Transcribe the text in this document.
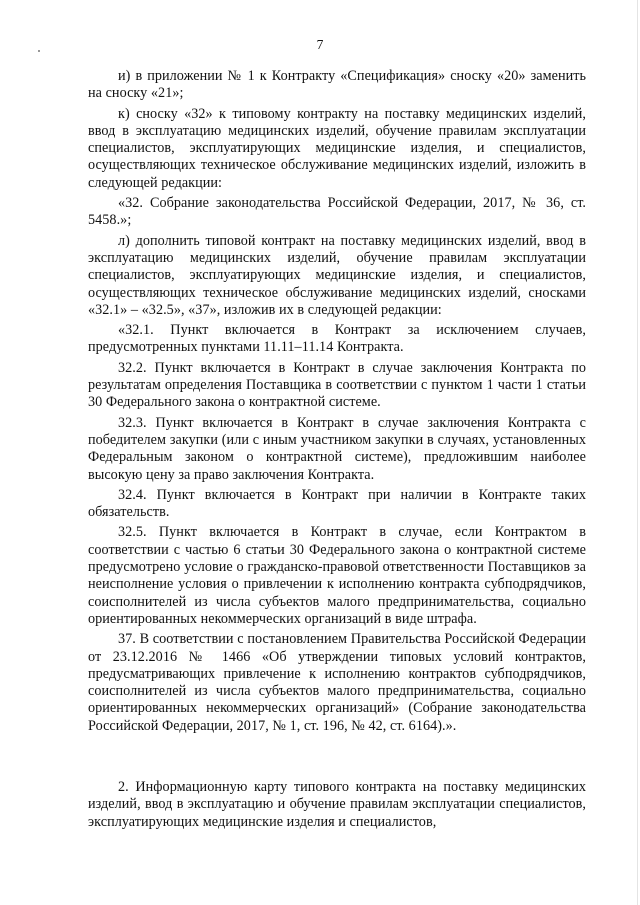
7

и) в приложении № 1 к Контракту «Спецификация» сноску «20» заменить на сноску «21»;

к) сноску «32» к типовому контракту на поставку медицинских изделий, ввод в эксплуатацию медицинских изделий, обучение правилам эксплуатации специалистов, эксплуатирующих медицинские изделия, и специалистов, осуществляющих техническое обслуживание медицинских изделий, изложить в следующей редакции:

«32. Собрание законодательства Российской Федерации, 2017, № 36, ст. 5458.»;

л) дополнить типовой контракт на поставку медицинских изделий, ввод в эксплуатацию медицинских изделий, обучение правилам эксплуатации специалистов, эксплуатирующих медицинские изделия, и специалистов, осуществляющих техническое обслуживание медицинских изделий, сносками «32.1» – «32.5», «37», изложив их в следующей редакции:

«32.1. Пункт включается в Контракт за исключением случаев, предусмотренных пунктами 11.11–11.14 Контракта.

32.2. Пункт включается в Контракт в случае заключения Контракта по результатам определения Поставщика в соответствии с пунктом 1 части 1 статьи 30 Федерального закона о контрактной системе.

32.3. Пункт включается в Контракт в случае заключения Контракта с победителем закупки (или с иным участником закупки в случаях, установленных Федеральным законом о контрактной системе), предложившим наиболее высокую цену за право заключения Контракта.

32.4. Пункт включается в Контракт при наличии в Контракте таких обязательств.

32.5. Пункт включается в Контракт в случае, если Контрактом в соответствии с частью 6 статьи 30 Федерального закона о контрактной системе предусмотрено условие о гражданско-правовой ответственности Поставщиков за неисполнение условия о привлечении к исполнению контракта субподрядчиков, соисполнителей из числа субъектов малого предпринимательства, социально ориентированных некоммерческих организаций в виде штрафа.

37. В соответствии с постановлением Правительства Российской Федерации от 23.12.2016 № 1466 «Об утверждении типовых условий контрактов, предусматривающих привлечение к исполнению контрактов субподрядчиков, соисполнителей из числа субъектов малого предпринимательства, социально ориентированных некоммерческих организаций» (Собрание законодательства Российской Федерации, 2017, № 1, ст. 196, № 42, ст. 6164).».

2. Информационную карту типового контракта на поставку медицинских изделий, ввод в эксплуатацию и обучение правилам эксплуатации специалистов, эксплуатирующих медицинские изделия и специалистов,
